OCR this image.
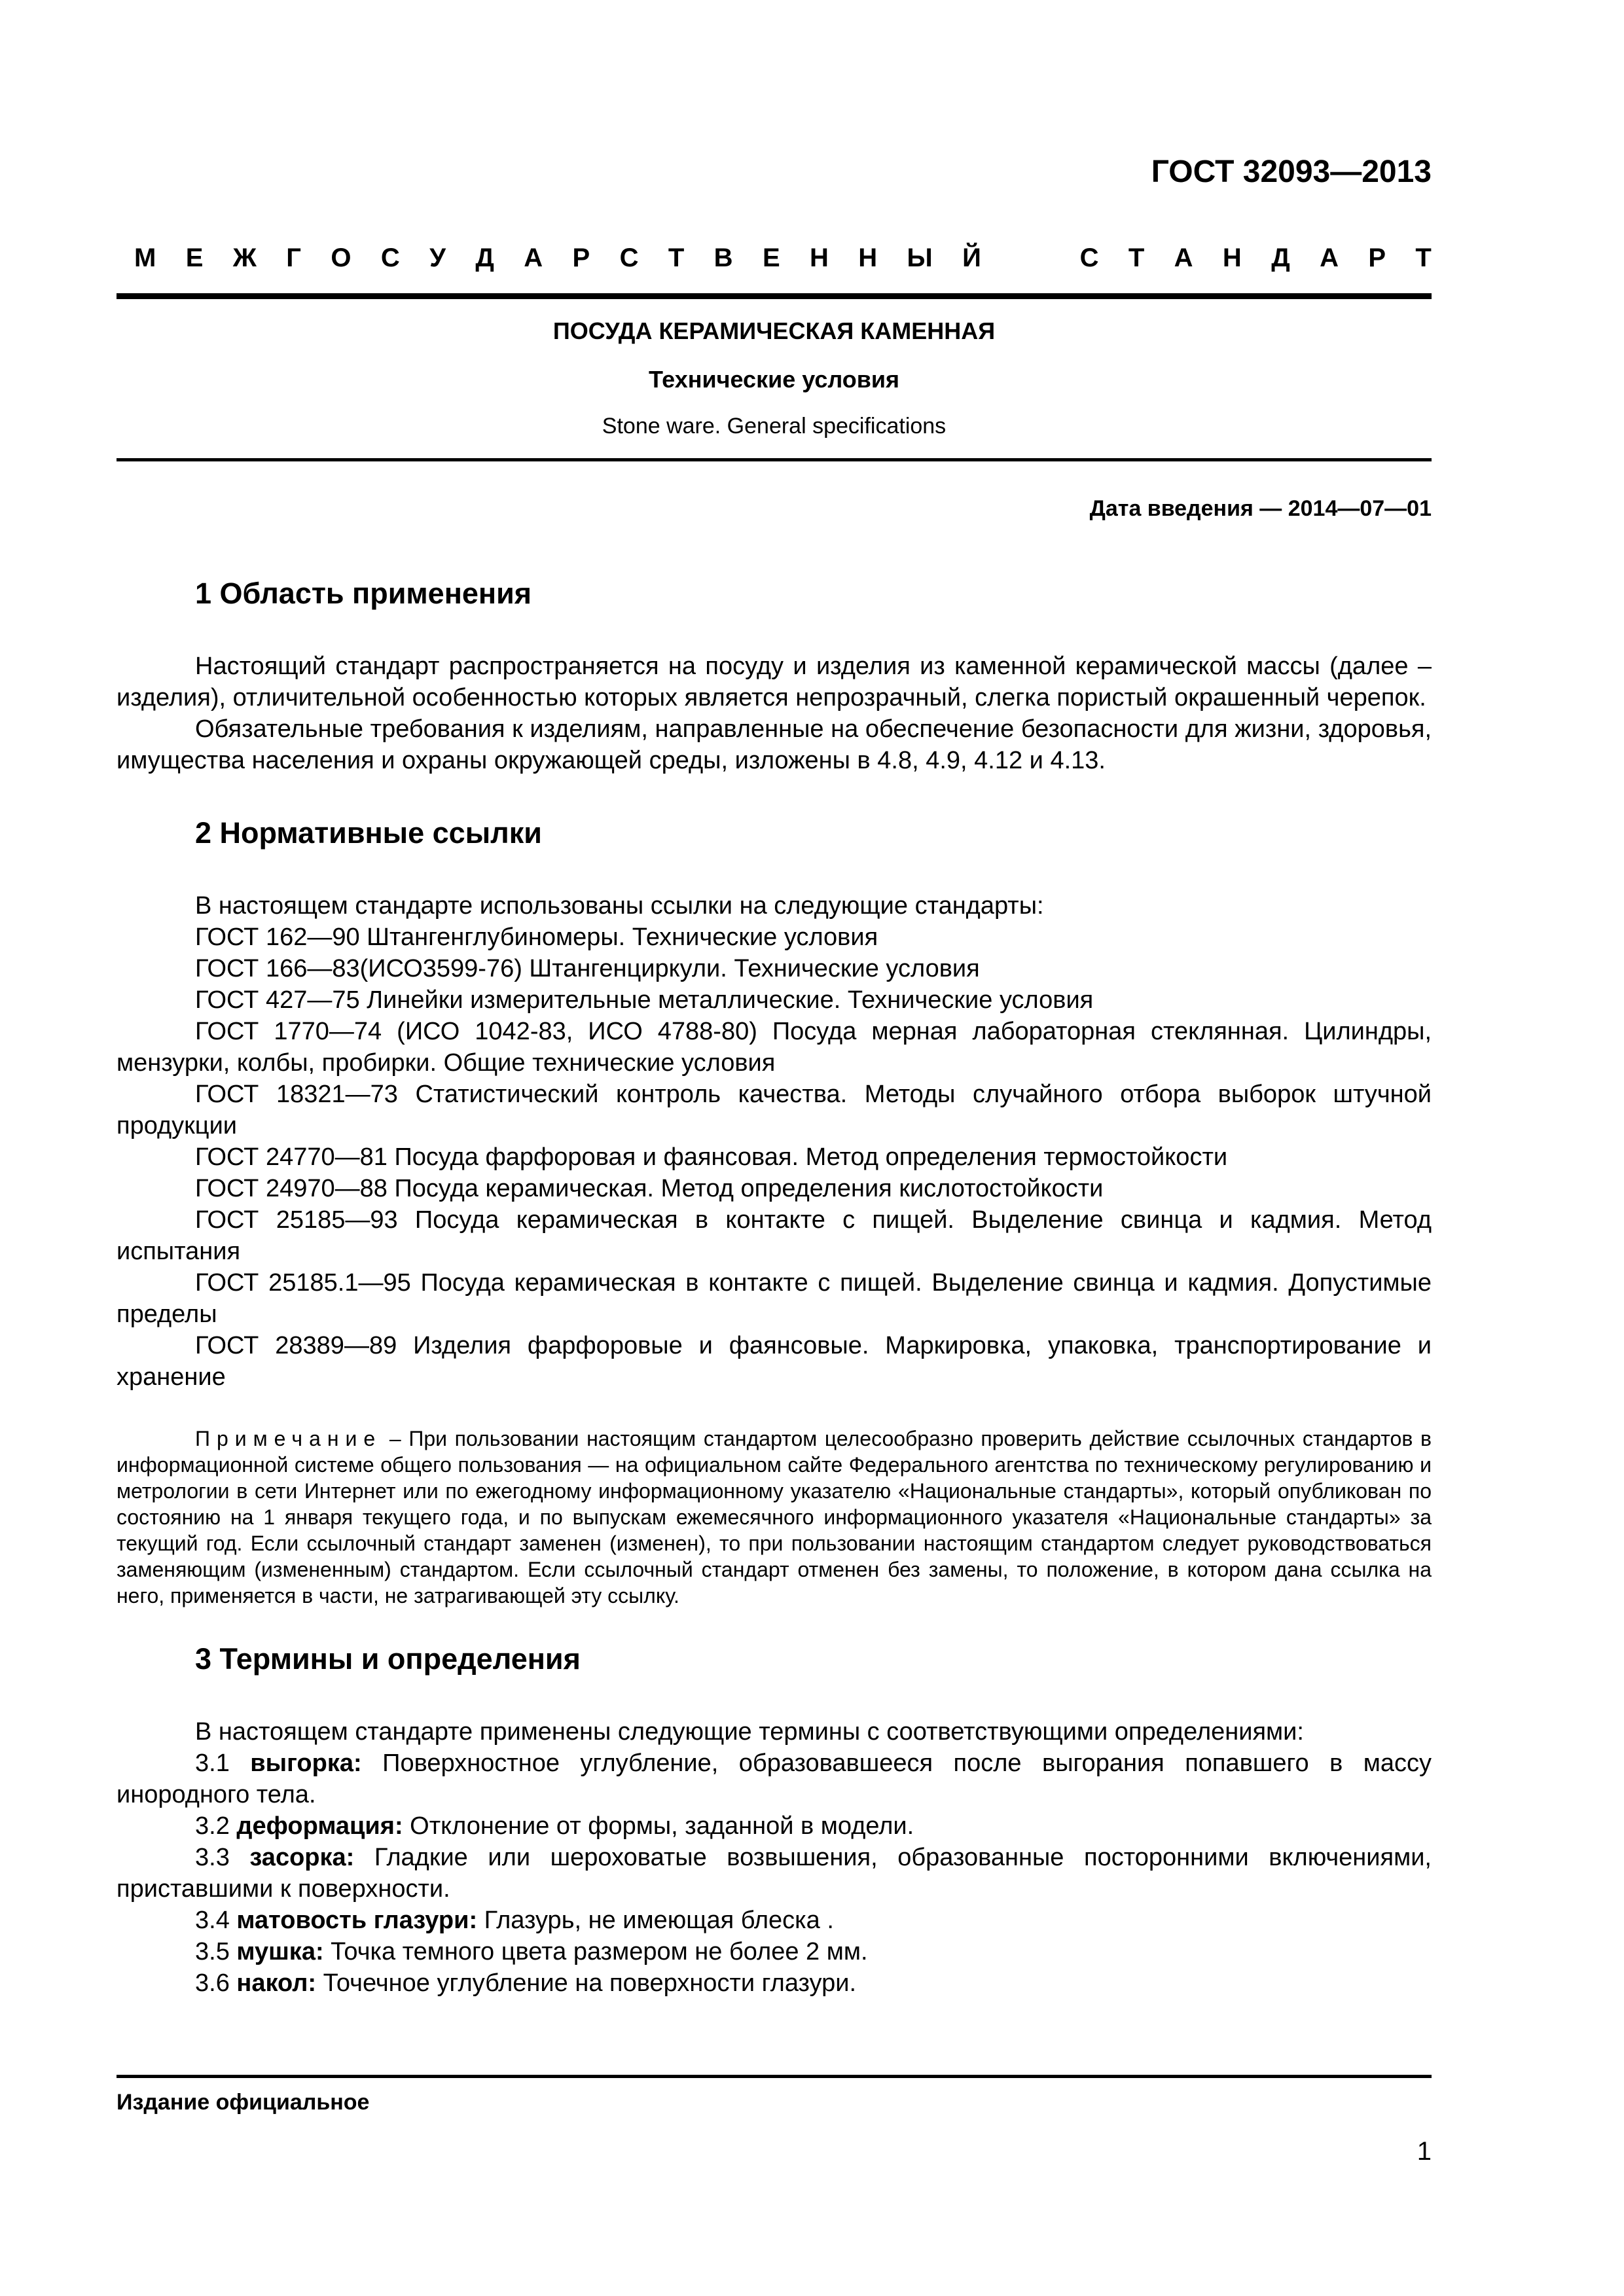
ГОСТ 32093—2013
М Е Ж Г О С У Д А Р С Т В Е Н Н Ы Й	С Т А Н Д А Р Т
ПОСУДА КЕРАМИЧЕСКАЯ КАМЕННАЯ
Технические условия
Stone ware. General specifications
Дата введения — 2014—07—01
1 Область применения

Настоящий стандарт распространяется на посуду и изделия из каменной керамической массы (далее – изделия), отличительной особенностью которых является непрозрачный, слегка пористый окрашенный черепок.

Обязательные требования к изделиям, направленные на обеспечение безопасности для жизни, здоровья, имущества населения и охраны окружающей среды, изложены в 4.8, 4.9, 4.12 и 4.13.

2 Нормативные ссылки

В настоящем стандарте использованы ссылки на следующие стандарты:

ГОСТ 162—90 Штангенглубиномеры. Технические условия

ГОСТ 166—83(ИСО3599-76) Штангенциркули. Технические условия

ГОСТ 427—75 Линейки измерительные металлические. Технические условия

ГОСТ 1770—74 (ИСО 1042-83, ИСО 4788-80) Посуда мерная лабораторная стеклянная. Цилиндры, мензурки, колбы, пробирки. Общие технические условия

ГОСТ 18321—73 Статистический контроль качества. Методы случайного отбора выборок штучной продукции

ГОСТ 24770—81 Посуда фарфоровая и фаянсовая. Метод определения термостойкости

ГОСТ 24970—88 Посуда керамическая. Метод определения кислотостойкости

ГОСТ 25185—93 Посуда керамическая в контакте с пищей. Выделение свинца и кадмия. Метод испытания

ГОСТ 25185.1—95 Посуда керамическая в контакте с пищей. Выделение свинца и кадмия. Допустимые пределы

ГОСТ 28389—89 Изделия фарфоровые и фаянсовые. Маркировка, упаковка, транспортирование и хранение

Примечание – При пользовании настоящим стандартом целесообразно проверить действие ссылочных стандартов в информационной системе общего пользования — на официальном сайте Федерального агентства по техническому регулированию и метрологии в сети Интернет или по ежегодному информационному указателю «Национальные стандарты», который опубликован по состоянию на 1 января текущего года, и по выпускам ежемесячного информационного указателя «Национальные стандарты» за текущий год. Если ссылочный стандарт заменен (изменен), то при пользовании настоящим стандартом следует руководствоваться заменяющим (измененным) стандартом. Если ссылочный стандарт отменен без замены, то положение, в котором дана ссылка на него, применяется в части, не затрагивающей эту ссылку.

3 Термины и определения

В настоящем стандарте применены следующие термины с соответствующими определениями:

3.1 выгорка: Поверхностное углубление, образовавшееся после выгорания попавшего в массу инородного тела.

3.2 деформация: Отклонение от формы, заданной в модели.

3.3 засорка: Гладкие или шероховатые возвышения, образованные посторонними включениями, приставшими к поверхности.

3.4 матовость глазури: Глазурь, не имеющая блеска .

3.5 мушка: Точка темного цвета размером не более 2 мм.

3.6 накол: Точечное углубление на поверхности глазури.

Издание официальное
1
